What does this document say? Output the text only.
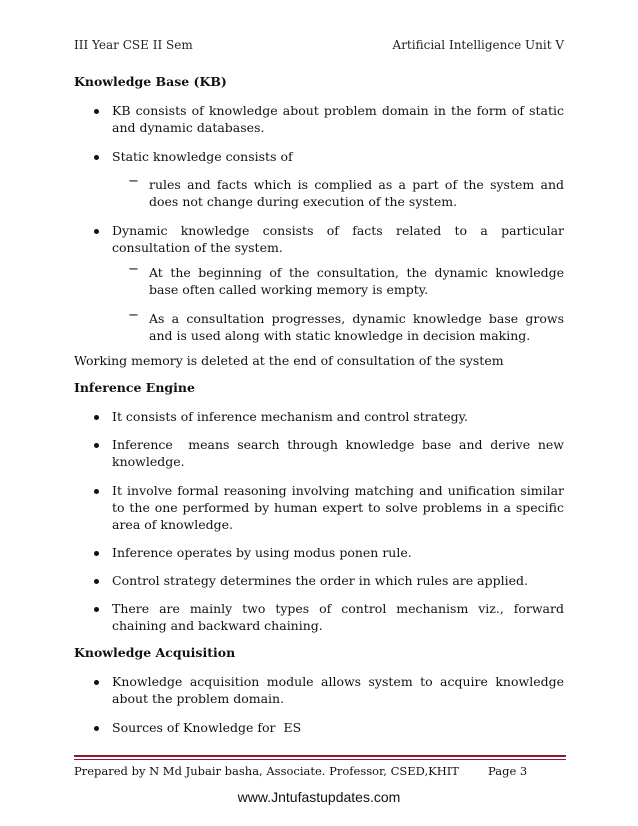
III Year CSE II Sem	Artificial Intelligence Unit V
Knowledge Base (KB)
KB consists of knowledge about problem domain in the form of static and dynamic databases.
Static knowledge consists of
− rules and facts which is complied as a part of the system and does not change during execution of the system.
Dynamic knowledge consists of facts related to a particular consultation of the system.
− At the beginning of the consultation, the dynamic knowledge base often called working memory is empty.
− As a consultation progresses, dynamic knowledge base grows and is used along with static knowledge in decision making.
Working memory is deleted at the end of consultation of the system
Inference Engine
It consists of inference mechanism and control strategy.
Inference  means search through knowledge base and derive new knowledge.
It involve formal reasoning involving matching and unification similar to the one performed by human expert to solve problems in a specific area of knowledge.
Inference operates by using modus ponen rule.
Control strategy determines the order in which rules are applied.
There are mainly two types of control mechanism viz., forward chaining and backward chaining.
Knowledge Acquisition
Knowledge acquisition module allows system to acquire knowledge about the problem domain.
Sources of Knowledge for  ES
Prepared by N Md Jubair basha, Associate. Professor, CSED,KHIT	Page 3
www.Jntufastupdates.com
